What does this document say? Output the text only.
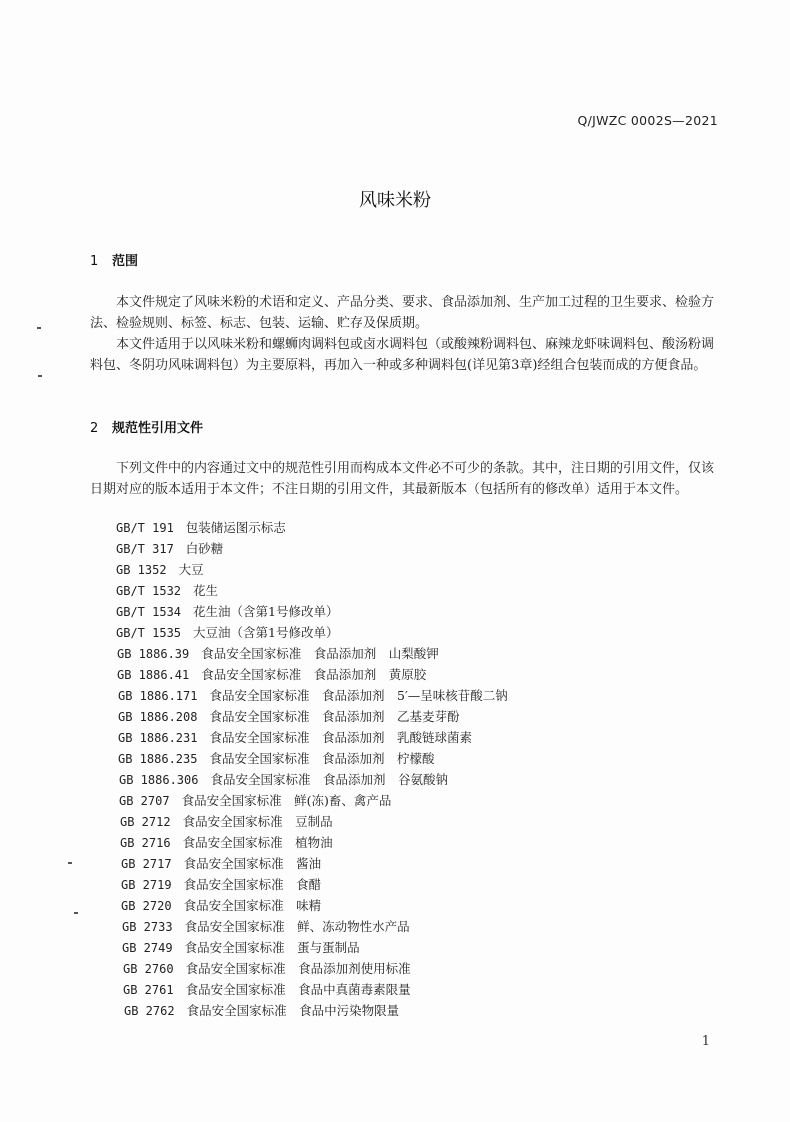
Q/JWZC 0002S—2021
风味米粉
1 范围
本文件规定了风味米粉的术语和定义、产品分类、要求、食品添加剂、生产加工过程的卫生要求、检验方法、检验规则、标签、标志、包装、运输、贮存及保质期。
本文件适用于以风味米粉和螺蛳肉调料包或卤水调料包（或酸辣粉调料包、麻辣龙虾味调料包、酸汤粉调料包、冬阴功风味调料包）为主要原料，再加入一种或多种调料包(详见第3章)经组合包装而成的方便食品。
2 规范性引用文件
下列文件中的内容通过文中的规范性引用而构成本文件必不可少的条款。其中，注日期的引用文件，仅该日期对应的版本适用于本文件；不注日期的引用文件，其最新版本（包括所有的修改单）适用于本文件。
GB/T 191 包装储运图示标志
GB/T 317 白砂糖
GB 1352 大豆
GB/T 1532 花生
GB/T 1534 花生油（含第1号修改单）
GB/T 1535 大豆油（含第1号修改单）
GB 1886.39 食品安全国家标准　食品添加剂　山梨酸钾
GB 1886.41 食品安全国家标准　食品添加剂　黄原胶
GB 1886.171 食品安全国家标准　食品添加剂　5′—呈味核苷酸二钠
GB 1886.208 食品安全国家标准　食品添加剂　乙基麦芽酚
GB 1886.231 食品安全国家标准　食品添加剂　乳酸链球菌素
GB 1886.235 食品安全国家标准　食品添加剂　柠檬酸
GB 1886.306 食品安全国家标准　食品添加剂　谷氨酸钠
GB 2707 食品安全国家标准　鲜(冻)畜、禽产品
GB 2712 食品安全国家标准　豆制品
GB 2716 食品安全国家标准　植物油
GB 2717 食品安全国家标准　酱油
GB 2719 食品安全国家标准　食醋
GB 2720 食品安全国家标准　味精
GB 2733 食品安全国家标准　鲜、冻动物性水产品
GB 2749 食品安全国家标准　蛋与蛋制品
GB 2760 食品安全国家标准　食品添加剂使用标准
GB 2761 食品安全国家标准　食品中真菌毒素限量
GB 2762 食品安全国家标准　食品中污染物限量
1
